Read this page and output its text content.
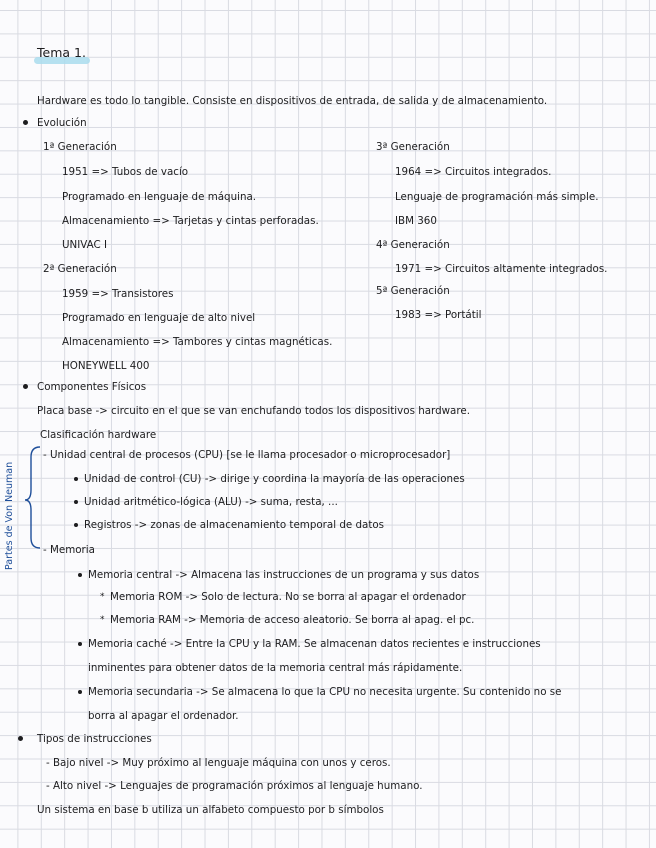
Tema 1.
Hardware es todo lo tangible. Consiste en dispositivos de entrada, de salida y de almacenamiento.
Evolución
1ª Generación
1951 => Tubos de vacío
Programado en lenguaje de máquina.
Almacenamiento => Tarjetas y cintas perforadas.
UNIVAC I
2ª Generación
1959 => Transistores
Programado en lenguaje de alto nivel
Almacenamiento => Tambores y cintas magnéticas.
HONEYWELL 400
3ª Generación
1964 => Circuitos integrados.
Lenguaje de programación más simple.
IBM 360
4ª Generación
1971 => Circuitos altamente integrados.
5ª Generación
1983 => Portátil
Componentes Físicos
Placa base -> circuito en el que se van enchufando todos los dispositivos hardware.
Clasificación hardware
Partes de Von Neuman
- Unidad central de procesos (CPU) [se le llama procesador o microprocesador]
Unidad de control (CU) -> dirige y coordina la mayoría de las operaciones
Unidad aritmético-lógica (ALU) -> suma, resta, ...
Registros -> zonas de almacenamiento temporal de datos
- Memoria
Memoria central -> Almacena las instrucciones de un programa y sus datos
* Memoria ROM -> Solo de lectura. No se borra al apagar el ordenador
* Memoria RAM -> Memoria de acceso aleatorio. Se borra al apag. el pc.
Memoria caché -> Entre la CPU y la RAM. Se almacenan datos recientes e instrucciones
inminentes para obtener datos de la memoria central más rápidamente.
Memoria secundaria -> Se almacena lo que la CPU no necesita urgente. Su contenido no se
borra al apagar el ordenador.
Tipos de instrucciones
- Bajo nivel -> Muy próximo al lenguaje máquina con unos y ceros.
- Alto nivel -> Lenguajes de programación próximos al lenguaje humano.
Un sistema en base b utiliza un alfabeto compuesto por b símbolos
